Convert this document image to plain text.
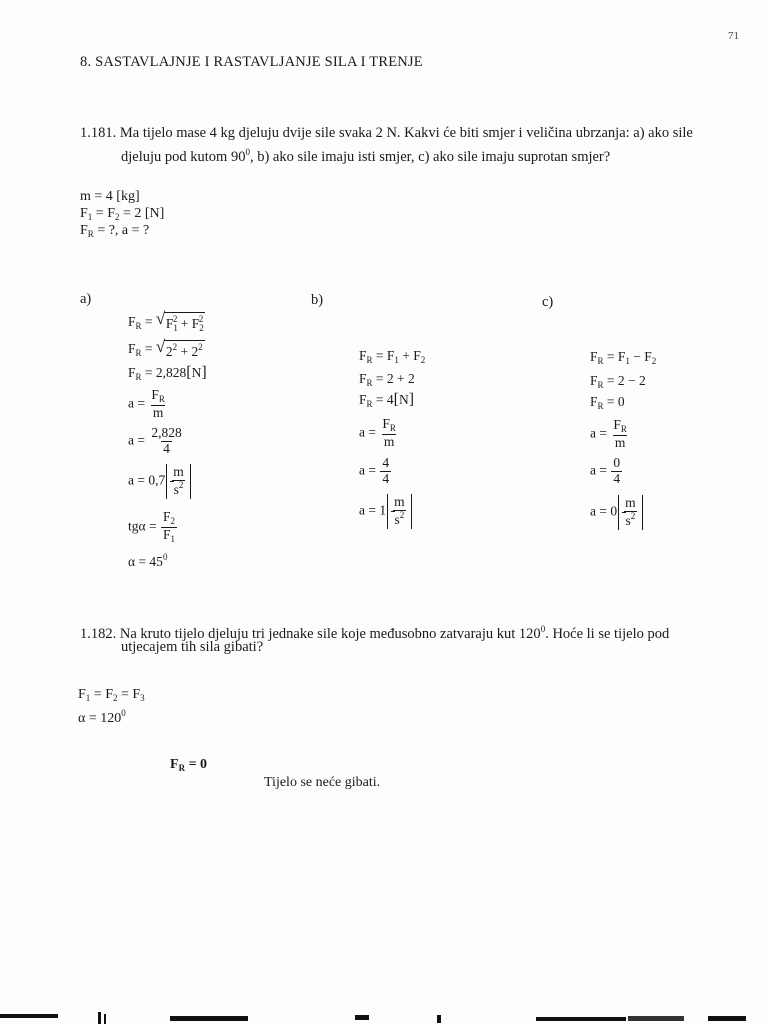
71
8. SASTAVLAJNJE I RASTAVLJANJE SILA I TRENJE
1.181. Ma tijelo mase 4 kg djeluju dvije sile svaka 2 N. Kakvi će biti smjer i veličina ubrzanja: a) ako sile
djeluju pod kutom $90^0$, b) ako sile imaju isti smjer, c) ako sile imaju suprotan smjer?
m = 4 [kg]
$F_1 = F_2 = 2$ [N]
$F_R$ = ?, a = ?
a)	b)	c)
$F_R$ = √ $F_1^2 + F_2^2$
$F_R$ = √ $2^2 + 2^2$
$F_R = 2,828[N]$
$a = \frac{F_R}{m}$
$a = \frac{2,828}{4}$
$a = 0,7 \frac{m}{s^2}$
$tg\alpha = \frac{F_2}{F_1}$
$\alpha = 45^0$
$F_R = F_1 + F_2$
$F_R = 2 + 2$
$F_R = 4[N]$
$a = \frac{F_R}{m}$
$a = \frac{4}{4}$
$a = 1 \frac{m}{s^2}$
$F_R = F_1 - F_2$
$F_R = 2 - 2$
$F_R = 0$
$a = \frac{F_R}{m}$
$a = \frac{0}{4}$
$a = 0 \frac{m}{s^2}$
1.182. Na kruto tijelo djeluju tri jednake sile koje međusobno zatvaraju kut $120^0$. Hoće li se tijelo pod
utjecajem tih sila gibati?
$F_1 = F_2 = F_3$
$\alpha = 120^0$
$F_R = 0$
Tijelo se neće gibati.
